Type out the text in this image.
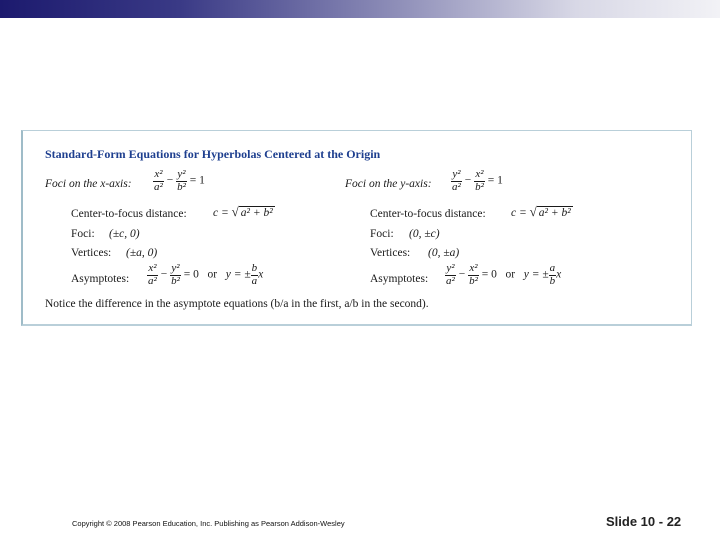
Standard-Form Equations for Hyperbolas Centered at the Origin
Foci on the x-axis: $\frac{\text{x²}}{\text{a²}} - \frac{\text{y²}}{\text{b²}} = 1$
Center-to-focus distance: c = √ a² + b²
Foci: (±c, 0)
Vertices: (±a, 0)
Asymptotes: $\frac{\text{x²}}{\text{a²}} - \frac{\text{y²}}{\text{b²}} = 0$ or y = ± $\frac{b}{a}$ x
Foci on the y-axis: $\frac{\text{y²}}{\text{a²}} - \frac{\text{x²}}{\text{b²}} = 1$
Center-to-focus distance: c = √ a² + b²
Foci: (0, ±c)
Vertices: (0, ±a)
Asymptotes: $\frac{\text{y²}}{\text{a²}} - \frac{\text{x²}}{\text{b²}} = 0$ or y = ± $\frac{a}{b}$ x
Notice the difference in the asymptote equations (b/a in the first, a/b in the second).
Copyright © 2008 Pearson Education, Inc. Publishing as Pearson Addison-Wesley	Slide 10 - 22
